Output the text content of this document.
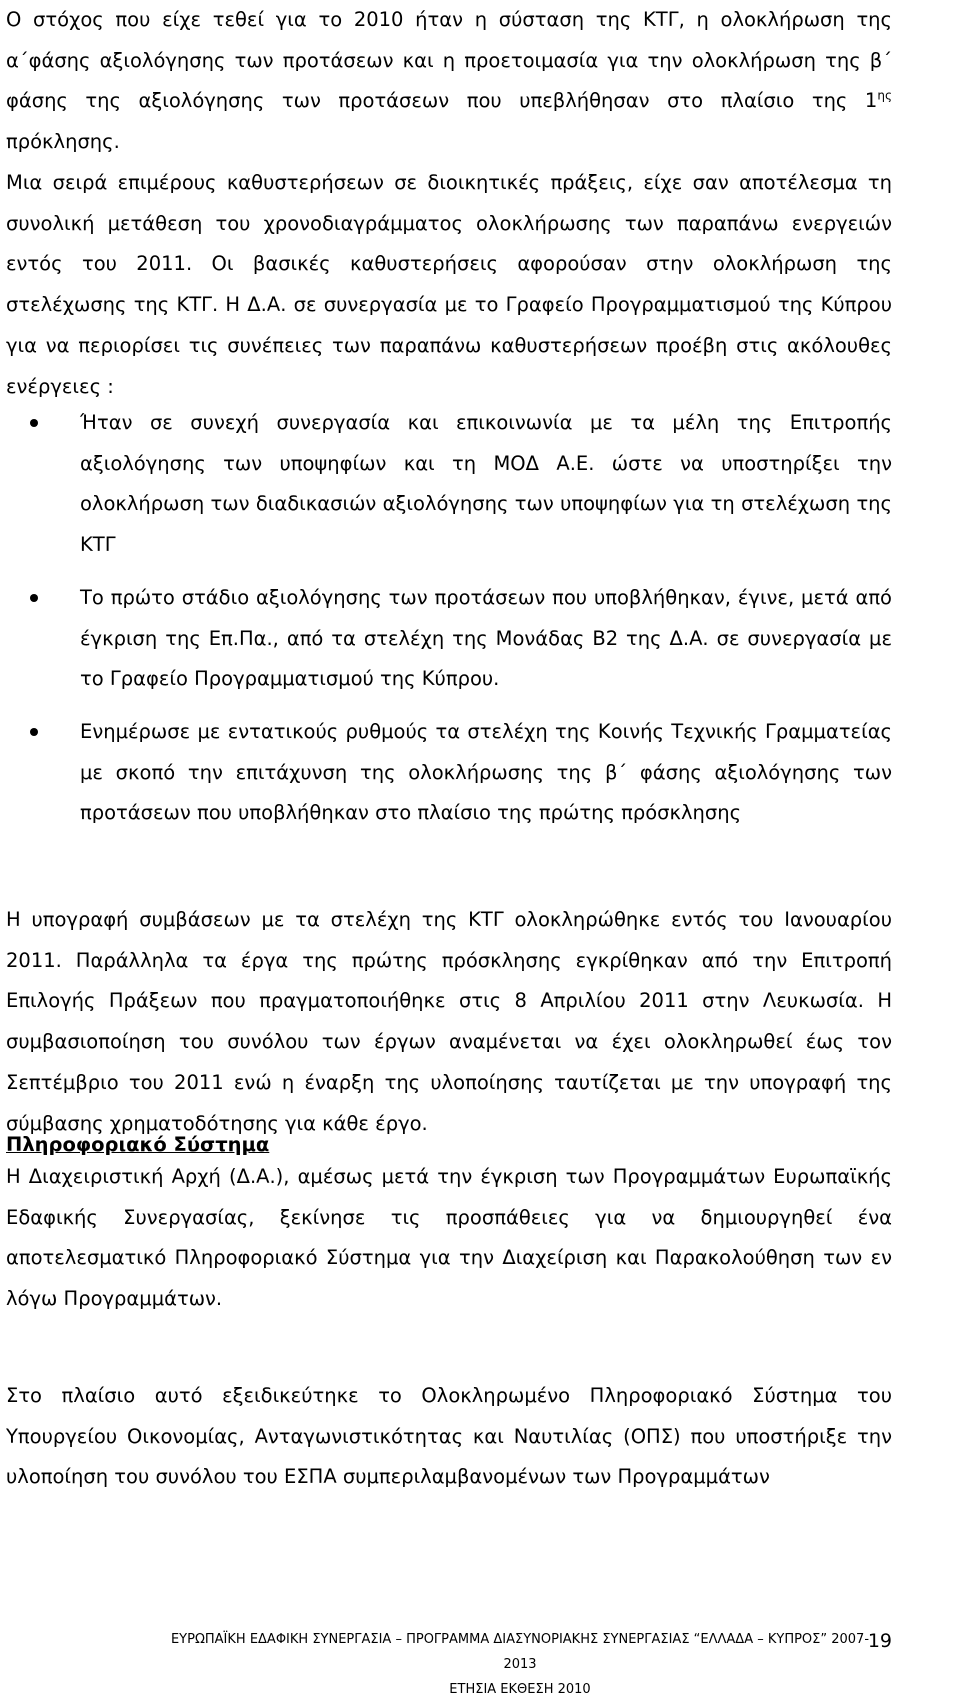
Ο στόχος που είχε τεθεί για το 2010 ήταν η σύσταση της ΚΤΓ, η ολοκλήρωση της α΄φάσης αξιολόγησης των προτάσεων και η προετοιμασία για την ολοκλήρωση της β΄ φάσης της αξιολόγησης των προτάσεων που υπεβλήθησαν στο πλαίσιο της $1^{\eta\varsigma}$ πρόκλησης.

Μια σειρά επιμέρους καθυστερήσεων σε διοικητικές πράξεις, είχε σαν αποτέλεσμα τη συνολική μετάθεση του χρονοδιαγράμματος ολοκλήρωσης των παραπάνω ενεργειών εντός του 2011. Οι βασικές καθυστερήσεις αφορούσαν στην ολοκλήρωση της στελέχωσης της ΚΤΓ. Η Δ.Α. σε συνεργασία με το Γραφείο Προγραμματισμού της Κύπρου για να περιορίσει τις συνέπειες των παραπάνω καθυστερήσεων προέβη στις ακόλουθες ενέργειες :

Ήταν σε συνεχή συνεργασία και επικοινωνία με τα μέλη της Επιτροπής αξιολόγησης των υποψηφίων και τη ΜΟΔ Α.Ε. ώστε να υποστηρίξει την ολοκλήρωση των διαδικασιών αξιολόγησης των υποψηφίων για τη στελέχωση της ΚΤΓ
Το πρώτο στάδιο αξιολόγησης των προτάσεων που υποβλήθηκαν, έγινε, μετά από έγκριση της Επ.Πα., από τα στελέχη της Μονάδας Β2 της Δ.Α. σε συνεργασία με το Γραφείο Προγραμματισμού της Κύπρου.
Ενημέρωσε με εντατικούς ρυθμούς τα στελέχη της Κοινής Τεχνικής Γραμματείας με σκοπό την επιτάχυνση της ολοκλήρωσης της β΄ φάσης αξιολόγησης των προτάσεων που υποβλήθηκαν στο πλαίσιο της πρώτης πρόσκλησης

Η υπογραφή συμβάσεων με τα στελέχη της ΚΤΓ ολοκληρώθηκε εντός του Ιανουαρίου 2011. Παράλληλα τα έργα της πρώτης πρόσκλησης εγκρίθηκαν από την Επιτροπή Επιλογής Πράξεων που πραγματοποιήθηκε στις 8 Απριλίου 2011 στην Λευκωσία. Η συμβασιοποίηση του συνόλου των έργων αναμένεται να έχει ολοκληρωθεί έως τον Σεπτέμβριο του 2011 ενώ η έναρξη της υλοποίησης ταυτίζεται με την υπογραφή της σύμβασης χρηματοδότησης για κάθε έργο.

Πληροφοριακό Σύστημα

Η Διαχειριστική Αρχή (Δ.Α.), αμέσως μετά την έγκριση των Προγραμμάτων Ευρωπαϊκής Εδαφικής Συνεργασίας, ξεκίνησε τις προσπάθειες για να δημιουργηθεί ένα αποτελεσματικό Πληροφοριακό Σύστημα για την Διαχείριση και Παρακολούθηση των εν λόγω Προγραμμάτων.

Στο πλαίσιο αυτό εξειδικεύτηκε το Ολοκληρωμένο Πληροφοριακό Σύστημα του Υπουργείου Οικονομίας, Ανταγωνιστικότητας και Ναυτιλίας (ΟΠΣ) που υποστήριξε την υλοποίηση του συνόλου του ΕΣΠΑ συμπεριλαμβανομένων των Προγραμμάτων

ΕΥΡΩΠΑΪΚΗ ΕΔΑΦΙΚΗ ΣΥΝΕΡΓΑΣΙΑ – ΠΡΟΓΡΑΜΜΑ ΔΙΑΣΥΝΟΡΙΑΚΗΣ ΣΥΝΕΡΓΑΣΙΑΣ “ΕΛΛΑΔΑ – ΚΥΠΡΟΣ” 2007-2013
ΕΤΗΣΙΑ ΕΚΘΕΣΗ 2010
19
